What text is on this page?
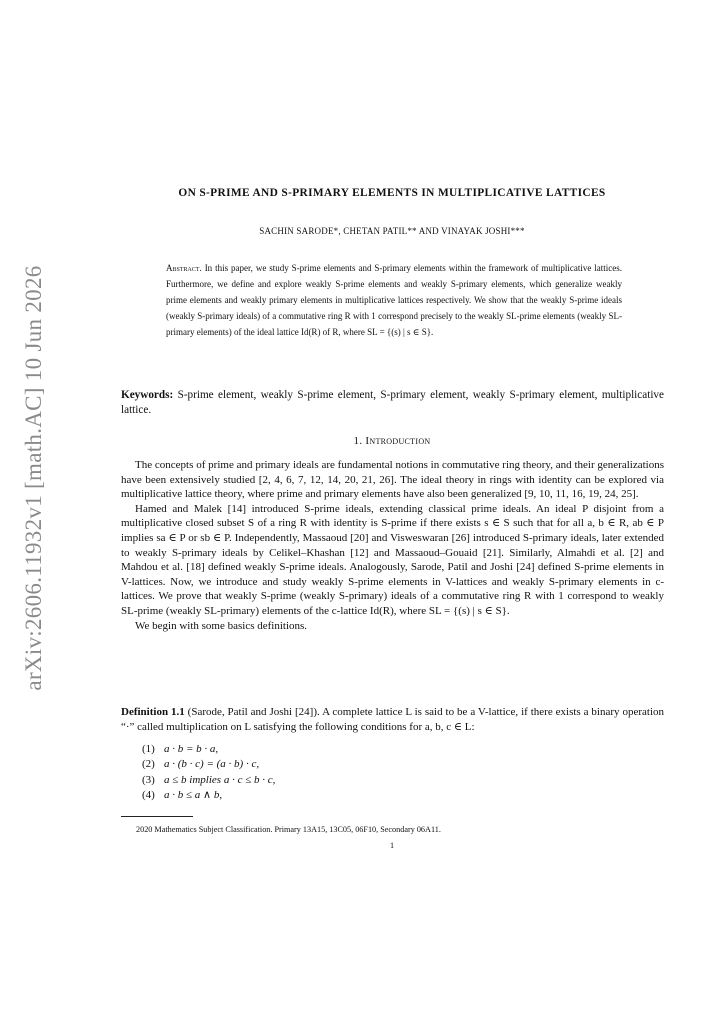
arXiv:2606.11932v1 [math.AC] 10 Jun 2026
ON S-PRIME AND S-PRIMARY ELEMENTS IN MULTIPLICATIVE LATTICES
SACHIN SARODE*, CHETAN PATIL** AND VINAYAK JOSHI***
Abstract. In this paper, we study S-prime elements and S-primary elements within the framework of multiplicative lattices. Furthermore, we define and explore weakly S-prime elements and weakly S-primary elements, which generalize weakly prime elements and weakly primary elements in multiplicative lattices respectively. We show that the weakly S-prime ideals (weakly S-primary ideals) of a commutative ring R with 1 correspond precisely to the weakly SL-prime elements (weakly SL-primary elements) of the ideal lattice Id(R) of R, where SL = {(s) | s ∈ S}.
Keywords: S-prime element, weakly S-prime element, S-primary element, weakly S-primary element, multiplicative lattice.
1. Introduction

The concepts of prime and primary ideals are fundamental notions in commutative ring theory, and their generalizations have been extensively studied [2, 4, 6, 7, 12, 14, 20, 21, 26]. The ideal theory in rings with identity can be explored via multiplicative lattice theory, where prime and primary elements have also been generalized [9, 10, 11, 16, 19, 24, 25].

Hamed and Malek [14] introduced S-prime ideals, extending classical prime ideals. An ideal P disjoint from a multiplicative closed subset S of a ring R with identity is S-prime if there exists s ∈ S such that for all a, b ∈ R, ab ∈ P implies sa ∈ P or sb ∈ P. Independently, Massaoud [20] and Visweswaran [26] introduced S-primary ideals, later extended to weakly S-primary ideals by Celikel–Khashan [12] and Massaoud–Gouaid [21]. Similarly, Almahdi et al. [2] and Mahdou et al. [18] defined weakly S-prime ideals. Analogously, Sarode, Patil and Joshi [24] defined S-prime elements in V-lattices. Now, we introduce and study weakly S-prime elements in V-lattices and weakly S-primary elements in c-lattices. We prove that weakly S-prime (weakly S-primary) ideals of a commutative ring R with 1 correspond to weakly SL-prime (weakly SL-primary) elements of the c-lattice Id(R), where SL = {(s) | s ∈ S}.

We begin with some basics definitions.

Definition 1.1 (Sarode, Patil and Joshi [24]). A complete lattice L is said to be a V-lattice, if there exists a binary operation “·” called multiplication on L satisfying the following conditions for a, b, c ∈ L:
(1) a · b = b · a,
(2) a · (b · c) = (a · b) · c,
(3) a ≤ b implies a · c ≤ b · c,
(4) a · b ≤ a ∧ b,
2020 Mathematics Subject Classification. Primary 13A15, 13C05, 06F10, Secondary 06A11.
1
